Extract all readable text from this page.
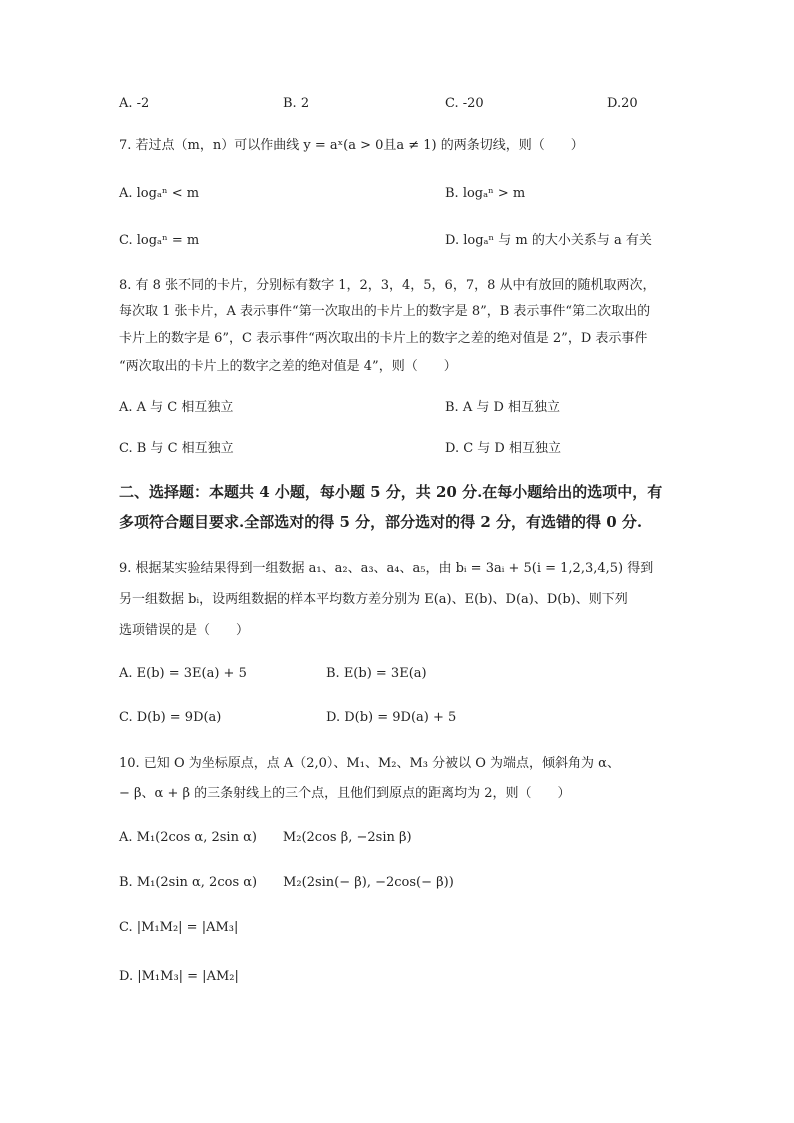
A. -2	B. 2	C. -20	D.20
7. 若过点（m，n）可以作曲线 y = aˣ(a > 0且a ≠ 1) 的两条切线，则（　　）
A. logₐⁿ < m	B. logₐⁿ > m
C. logₐⁿ = m	D. logₐⁿ 与 m 的大小关系与 a 有关
8. 有 8 张不同的卡片，分别标有数字 1，2，3，4，5，6，7，8 从中有放回的随机取两次，
每次取 1 张卡片，A 表示事件“第一次取出的卡片上的数字是 8”，B 表示事件“第二次取出的
卡片上的数字是 6”，C 表示事件“两次取出的卡片上的数字之差的绝对值是 2”，D 表示事件
“两次取出的卡片上的数字之差的绝对值是 4”，则（　　）
A. A 与 C 相互独立	B. A 与 D 相互独立
C. B 与 C 相互独立	D. C 与 D 相互独立
二、选择题：本题共 4 小题，每小题 5 分，共 20 分.在每小题给出的选项中，有
多项符合题目要求.全部选对的得 5 分，部分选对的得 2 分，有选错的得 0 分.
9. 根据某实验结果得到一组数据 a₁、a₂、a₃、a₄、a₅，由 bᵢ = 3aᵢ + 5(i = 1,2,3,4,5) 得到
另一组数据 bᵢ，设两组数据的样本平均数方差分别为 E(a)、E(b)、D(a)、D(b)、则下列
选项错误的是（　　）
A. E(b) = 3E(a) + 5	B. E(b) = 3E(a)
C. D(b) = 9D(a)	D. D(b) = 9D(a) + 5
10. 已知 O 为坐标原点，点 A（2,0）、M₁、M₂、M₃ 分被以 O 为端点，倾斜角为 α、
− β、α + β 的三条射线上的三个点，且他们到原点的距离均为 2，则（　　）
A. M₁(2cos α, 2sin α)　　M₂(2cos β, −2sin β)
B. M₁(2sin α, 2cos α)　　M₂(2sin(− β), −2cos(− β))
C. |M₁M₂| = |AM₃|
D. |M₁M₃| = |AM₂|
